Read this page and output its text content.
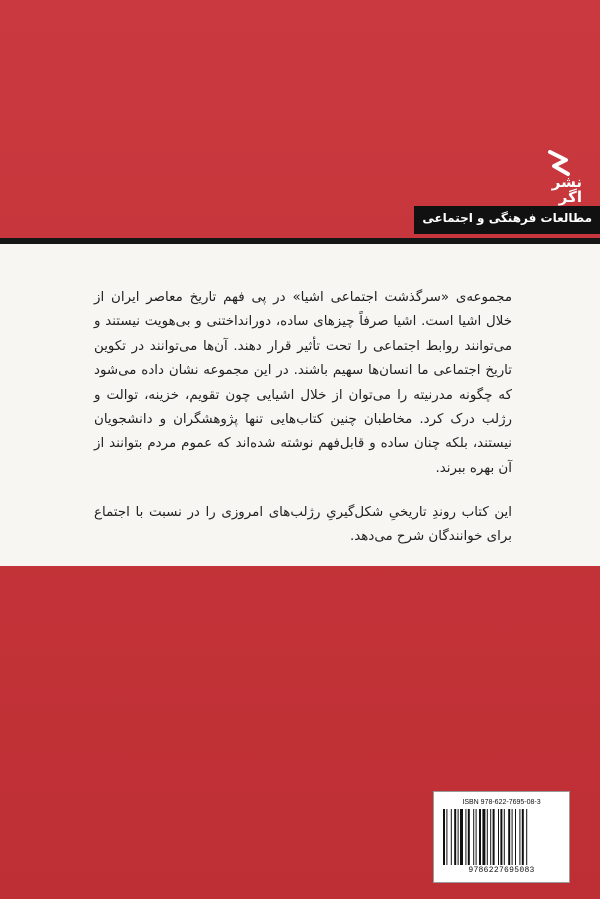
نشر اگر
مطالعات فرهنگی و اجتماعی

مجموعه‌ی «سرگذشت اجتماعی اشیا» در پی فهم تاریخ معاصر ایران از خلال اشیا است. اشیا صرفاً چیزهای ساده، دورانداختنی و بی‌هویت نیستند و می‌توانند روابط اجتماعی را تحت تأثیر قرار دهند. آن‌ها می‌توانند در تکوین تاریخ اجتماعی ما انسان‌ها سهیم باشند. در این مجموعه نشان داده می‌شود که چگونه مدرنیته را می‌توان از خلال اشیایی چون تقویم، خزینه، توالت و رژلب درک کرد. مخاطبان چنین کتاب‌هایی تنها پژوهشگران و دانشجویان نیستند، بلکه چنان ساده و قابل‌فهم نوشته شده‌اند که عموم مردم بتوانند از آن بهره ببرند.

این کتاب روندِ تاریخیِ شکل‌گیریِ رژلب‌های امروزی را در نسبت با اجتماع برای خوانندگان شرح می‌دهد.

ISBN 978-622-7695-08-3
9786227695083
